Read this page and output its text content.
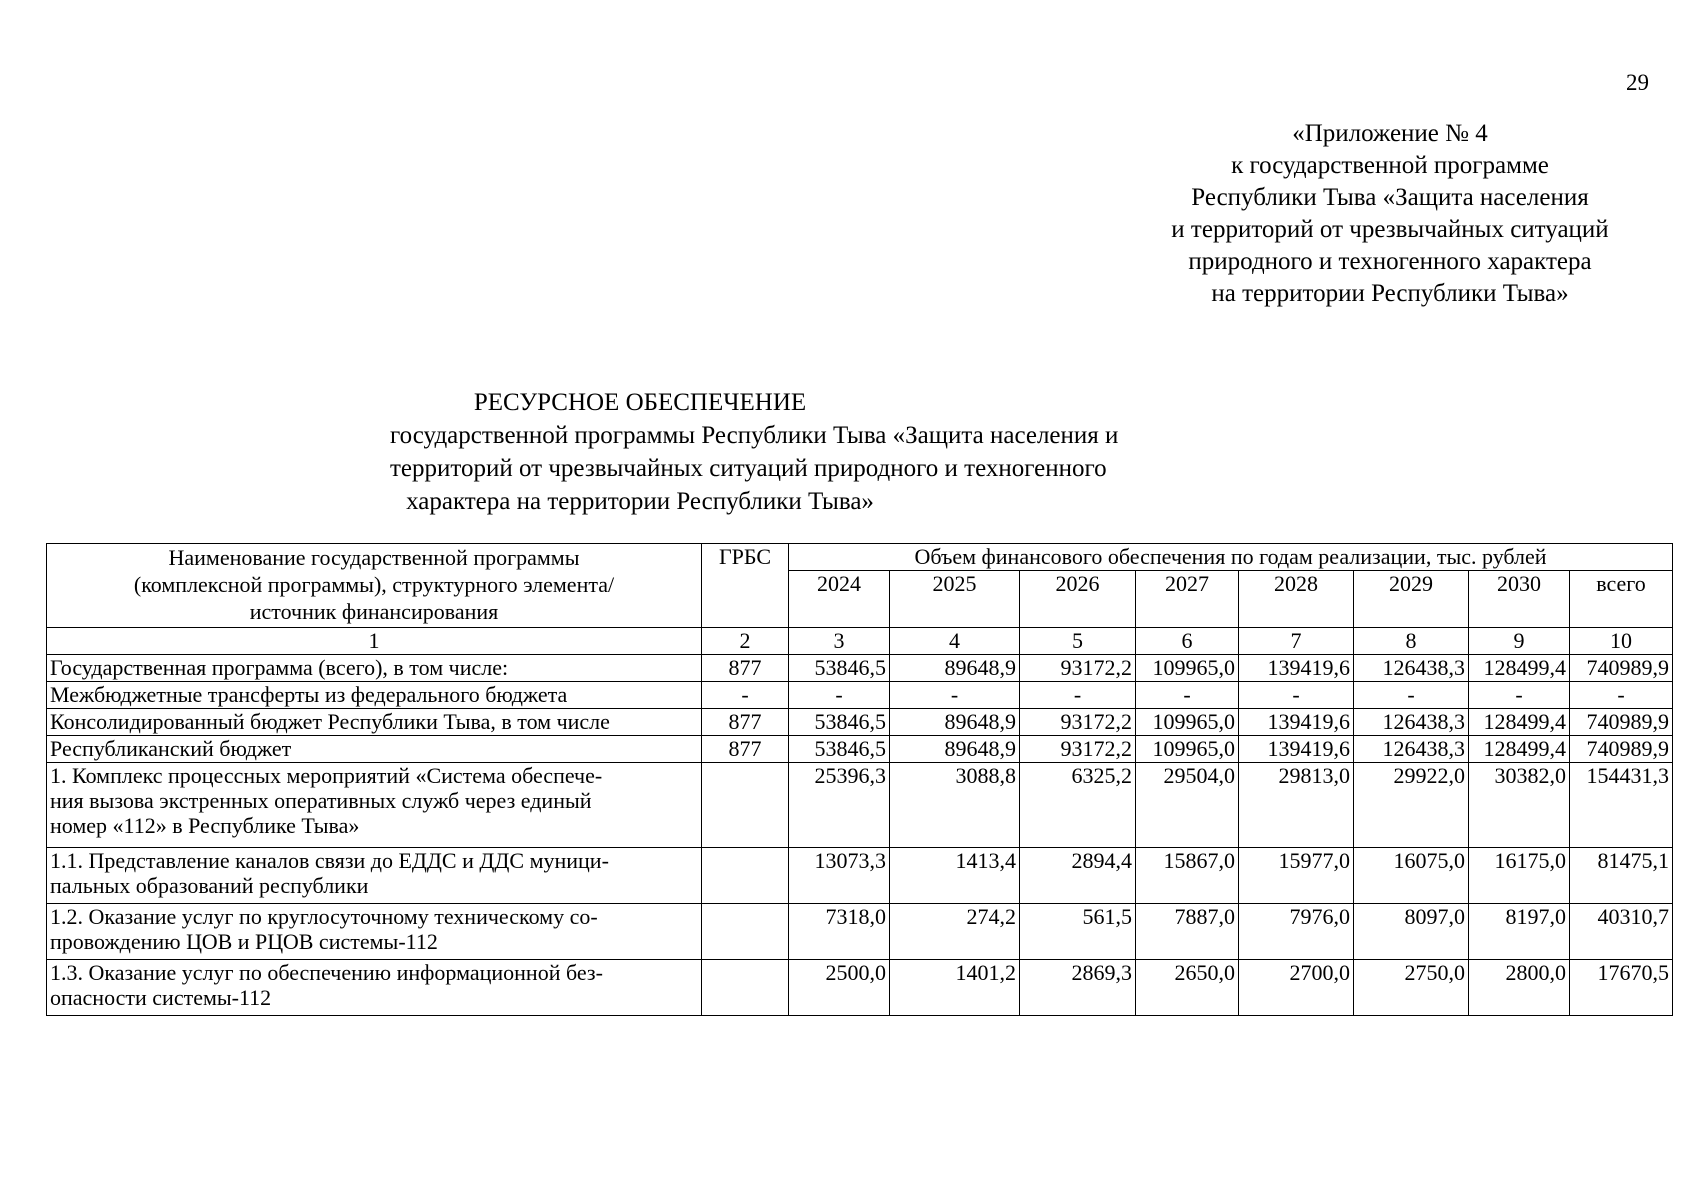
29
«Приложение № 4
к государственной программе
Республики Тыва «Защита населения
и территорий от чрезвычайных ситуаций
природного и техногенного характера
на территории Республики Тыва»
РЕСУРСНОЕ ОБЕСПЕЧЕНИЕ
государственной программы Республики Тыва «Защита населения и
территорий от чрезвычайных ситуаций природного и техногенного
характера на территории Республики Тыва»
Наименование государственной программы
(комплексной программы), структурного элемента/
источник финансирования	ГРБС	Объем финансового обеспечения по годам реализации, тыс. рублей							
		2024	2025	2026	2027	2028	2029	2030	всего
1	2	3	4	5	6	7	8	9	10
Государственная программа (всего), в том числе:	877	53846,5	89648,9	93172,2	109965,0	139419,6	126438,3	128499,4	740989,9
Межбюджетные трансферты из федерального бюджета	-	-	-	-	-	-	-	-	-
Консолидированный бюджет Республики Тыва, в том числе	877	53846,5	89648,9	93172,2	109965,0	139419,6	126438,3	128499,4	740989,9
Республиканский бюджет	877	53846,5	89648,9	93172,2	109965,0	139419,6	126438,3	128499,4	740989,9

1. Комплекс процессных мероприятий «Система обеспече-
ния вызова экстренных оперативных служб через единый
номер «112» в Республике Тыва»		25396,3	3088,8	6325,2	29504,0	29813,0	29922,0	30382,0	154431,3

1.1. Представление каналов связи до ЕДДС и ДДС муници-
пальных образований республики		13073,3	1413,4	2894,4	15867,0	15977,0	16075,0	16175,0	81475,1

1.2. Оказание услуг по круглосуточному техническому со-
провождению ЦОВ и РЦОВ системы-112		7318,0	274,2	561,5	7887,0	7976,0	8097,0	8197,0	40310,7

1.3. Оказание услуг по обеспечению информационной без-
опасности системы-112		2500,0	1401,2	2869,3	2650,0	2700,0	2750,0	2800,0	17670,5
